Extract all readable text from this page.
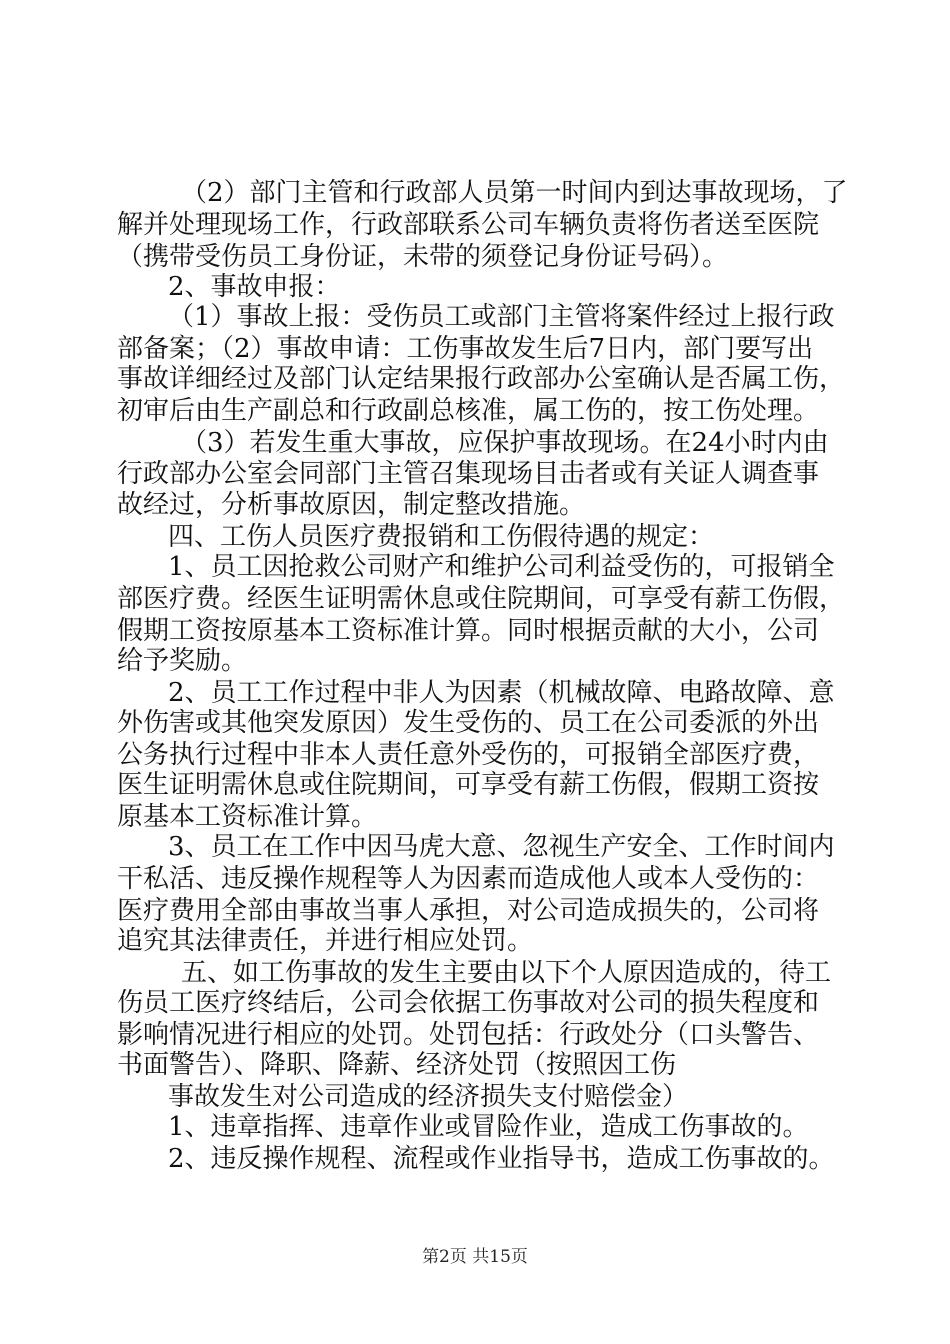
（2）部门主管和行政部人员第一时间内到达事故现场，了
解并处理现场工作，行政部联系公司车辆负责将伤者送至医院
（携带受伤员工身份证，未带的须登记身份证号码）。
2、事故申报：
（1）事故上报：受伤员工或部门主管将案件经过上报行政
部备案；（2）事故申请：工伤事故发生后7日内，部门要写出
事故详细经过及部门认定结果报行政部办公室确认是否属工伤，
初审后由生产副总和行政副总核准，属工伤的，按工伤处理。
（3）若发生重大事故，应保护事故现场。在24小时内由
行政部办公室会同部门主管召集现场目击者或有关证人调查事
故经过，分析事故原因，制定整改措施。
四、工伤人员医疗费报销和工伤假待遇的规定：
1、员工因抢救公司财产和维护公司利益受伤的，可报销全
部医疗费。经医生证明需休息或住院期间，可享受有薪工伤假，
假期工资按原基本工资标准计算。同时根据贡献的大小，公司
给予奖励。
2、员工工作过程中非人为因素（机械故障、电路故障、意
外伤害或其他突发原因）发生受伤的、员工在公司委派的外出
公务执行过程中非本人责任意外受伤的，可报销全部医疗费，
医生证明需休息或住院期间，可享受有薪工伤假，假期工资按
原基本工资标准计算。
3、员工在工作中因马虎大意、忽视生产安全、工作时间内
干私活、违反操作规程等人为因素而造成他人或本人受伤的：
医疗费用全部由事故当事人承担，对公司造成损失的，公司将
追究其法律责任，并进行相应处罚。
五、如工伤事故的发生主要由以下个人原因造成的，待工
伤员工医疗终结后，公司会依据工伤事故对公司的损失程度和
影响情况进行相应的处罚。处罚包括：行政处分（口头警告、
书面警告）、降职、降薪、经济处罚（按照因工伤
事故发生对公司造成的经济损失支付赔偿金）
1、违章指挥、违章作业或冒险作业，造成工伤事故的。
2、违反操作规程、流程或作业指导书，造成工伤事故的。
第2页 共15页
